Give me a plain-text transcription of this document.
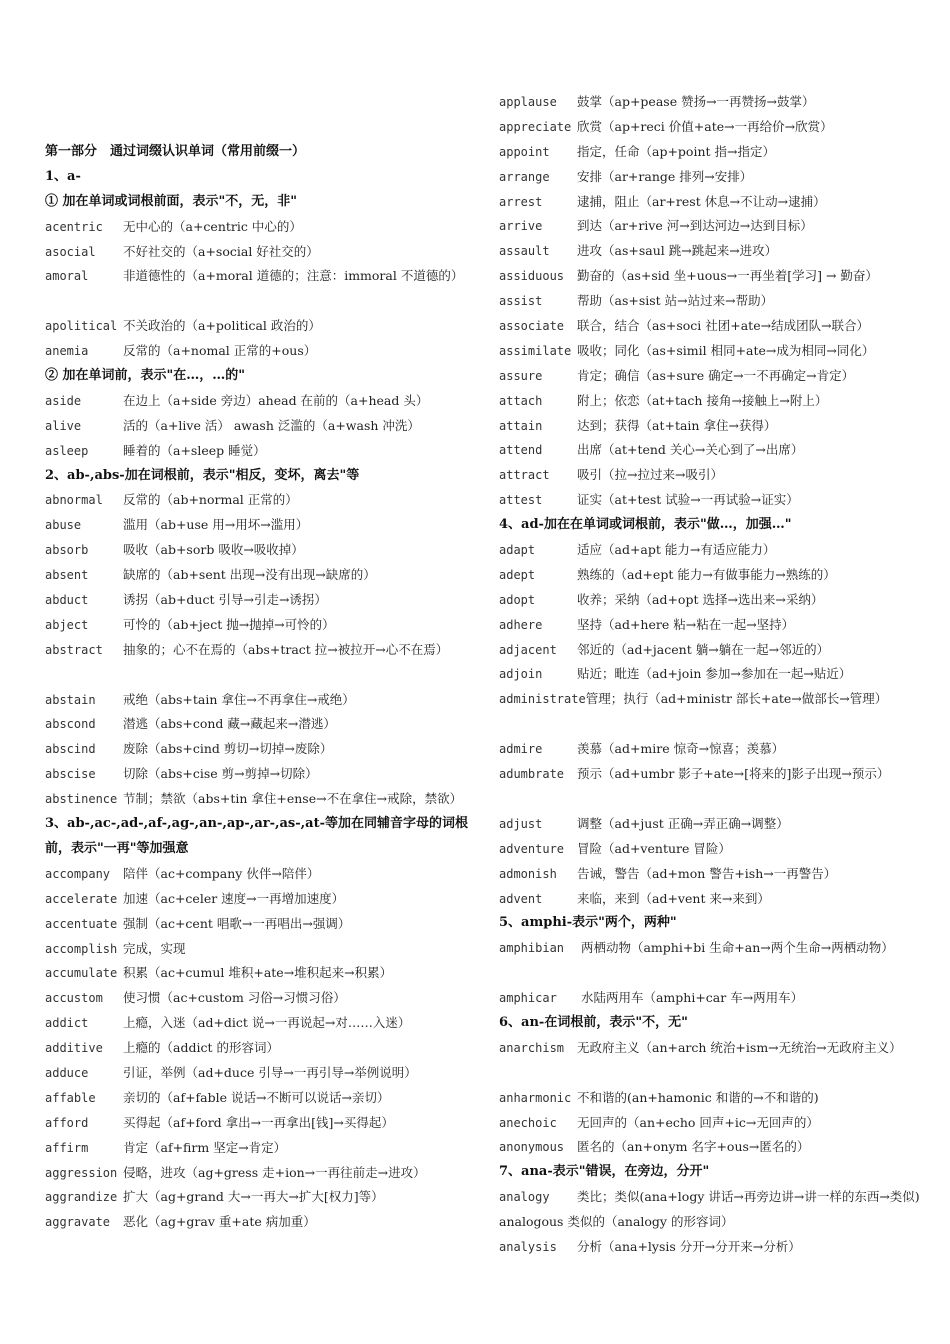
第一部分　通过词缀认识单词（常用前缀一）
1、a-
① 加在单词或词根前面，表示"不，无，非"
acentric 无中心的（a+centric 中心的）
asocial 不好社交的（a+social 好社交的）
amoral	非道德性的（a+moral 道德的；注意：immoral 不道德的）
apolitical 不关政治的（a+political 政治的）
anemia	反常的（a+nomal 正常的+ous）
② 加在单词前，表示"在…，…的"
aside	在边上（a+side 旁边）ahead 在前的（a+head 头）
alive	活的（a+live 活） awash 泛滥的（a+wash 冲洗）
asleep	睡着的（a+sleep 睡觉）
2、ab-,abs-加在词根前，表示"相反，变坏，离去"等
abnormal 反常的（ab+normal 正常的）
abuse	滥用（ab+use 用→用坏→滥用）
absorb	吸收（ab+sorb 吸收→吸收掉）
absent	缺席的（ab+sent 出现→没有出现→缺席的）
abduct	诱拐（ab+duct 引导→引走→诱拐）
abject	可怜的（ab+ject 抛→抛掉→可怜的）
abstract 抽象的；心不在焉的（abs+tract 拉→被拉开→心不在焉）
abstain 戒绝（abs+tain 拿住→不再拿住→戒绝）
abscond 潜逃（abs+cond 藏→藏起来→潜逃）
abscind 废除（abs+cind 剪切→切掉→废除）
abscise 切除（abs+cise 剪→剪掉→切除）
abstinence 节制；禁欲（abs+tin 拿住+ense→不在拿住→戒除，禁欲）
3、ab-,ac-,ad-,af-,ag-,an-,ap-,ar-,as-,at-等加在同辅音字母的词根前，表示"一再"等加强意
accompany 陪伴（ac+company 伙伴→陪伴）
accelerate 加速（ac+celer 速度→一再增加速度）
accentuate 强制（ac+cent 唱歌→一再唱出→强调）
accomplish 完成，实现
accumulate 积累（ac+cumul 堆积+ate→堆积起来→积累）
accustom 使习惯（ac+custom 习俗→习惯习俗）
addict	上瘾，入迷（ad+dict 说→一再说起→对……入迷）
additive 上瘾的（addict 的形容词）
adduce	引证，举例（ad+duce 引导→一再引导→举例说明）
affable 亲切的（af+fable 说话→不断可以说话→亲切）
afford	买得起（af+ford 拿出→一再拿出[钱]→买得起）
affirm	肯定（af+firm 坚定→肯定）
aggression 侵略，进攻（ag+gress 走+ion→一再往前走→进攻）
aggrandize 扩大（ag+grand 大→一再大→扩大[权力]等）
aggravate 恶化（ag+grav 重+ate 病加重）
applause 鼓掌（ap+pease 赞扬→一再赞扬→鼓掌）
appreciate 欣赏（ap+reci 价值+ate→一再给价→欣赏）
appoint 指定，任命（ap+point 指→指定）
arrange 安排（ar+range 排列→安排）
arrest	逮捕，阻止（ar+rest 休息→不让动→逮捕）
arrive	到达（ar+rive 河→到达河边→达到目标）
assault 进攻（as+saul 跳→跳起来→进攻）
assiduous 勤奋的（as+sid 坐+uous→一再坐着[学习] → 勤奋）
assist	帮助（as+sist 站→站过来→帮助）
associate 联合，结合（as+soci 社团+ate→结成团队→联合）
assimilate 吸收；同化（as+simil 相同+ate→成为相同→同化）
assure	肯定；确信（as+sure 确定→一不再确定→肯定）
attach	附上；依恋（at+tach 接角→接触上→附上）
attain	达到；获得（at+tain 拿住→获得）
attend	出席（at+tend 关心→关心到了→出席）
attract 吸引（拉→拉过来→吸引）
attest	证实（at+test 试验→一再试验→证实）
4、ad-加在在单词或词根前，表示"做…，加强…"
adapt	适应（ad+apt 能力→有适应能力）
adept	熟练的（ad+ept 能力→有做事能力→熟练的）
adopt	收养；采纳（ad+opt 选择→选出来→采纳）
adhere	坚持（ad+here 粘→粘在一起→坚持）
adjacent 邻近的（ad+jacent 躺→躺在一起→邻近的）
adjoin	贴近；毗连（ad+join 参加→参加在一起→贴近）
administrate管理；执行（ad+ministr 部长+ate→做部长→管理）
admire	羡慕（ad+mire 惊奇→惊喜；羡慕）
adumbrate 预示（ad+umbr 影子+ate→[将来的]影子出现→预示）
adjust	调整（ad+just 正确→弄正确→调整）
adventure 冒险（ad+venture 冒险）
admonish 告诫，警告（ad+mon 警告+ish→一再警告）
advent	来临，来到（ad+vent 来→来到）
5、amphi-表示"两个，两种"
amphibian 两栖动物（amphi+bi 生命+an→两个生命→两栖动物）
amphicar 水陆两用车（amphi+car 车→两用车）
6、an-在词根前，表示"不，无"
anarchism 无政府主义（an+arch 统治+ism→无统治→无政府主义）
anharmonic 不和谐的(an+hamonic 和谐的→不和谐的)
anechoic 无回声的（an+echo 回声+ic→无回声的）
anonymous 匿名的（an+onym 名字+ous→匿名的）
7、ana-表示"错误，在旁边，分开"
analogy 类比；类似(ana+logy 讲话→再旁边讲→讲一样的东西→类似)　analogous 类似的（analogy 的形容词）
analysis 分析（ana+lysis 分开→分开来→分析）
